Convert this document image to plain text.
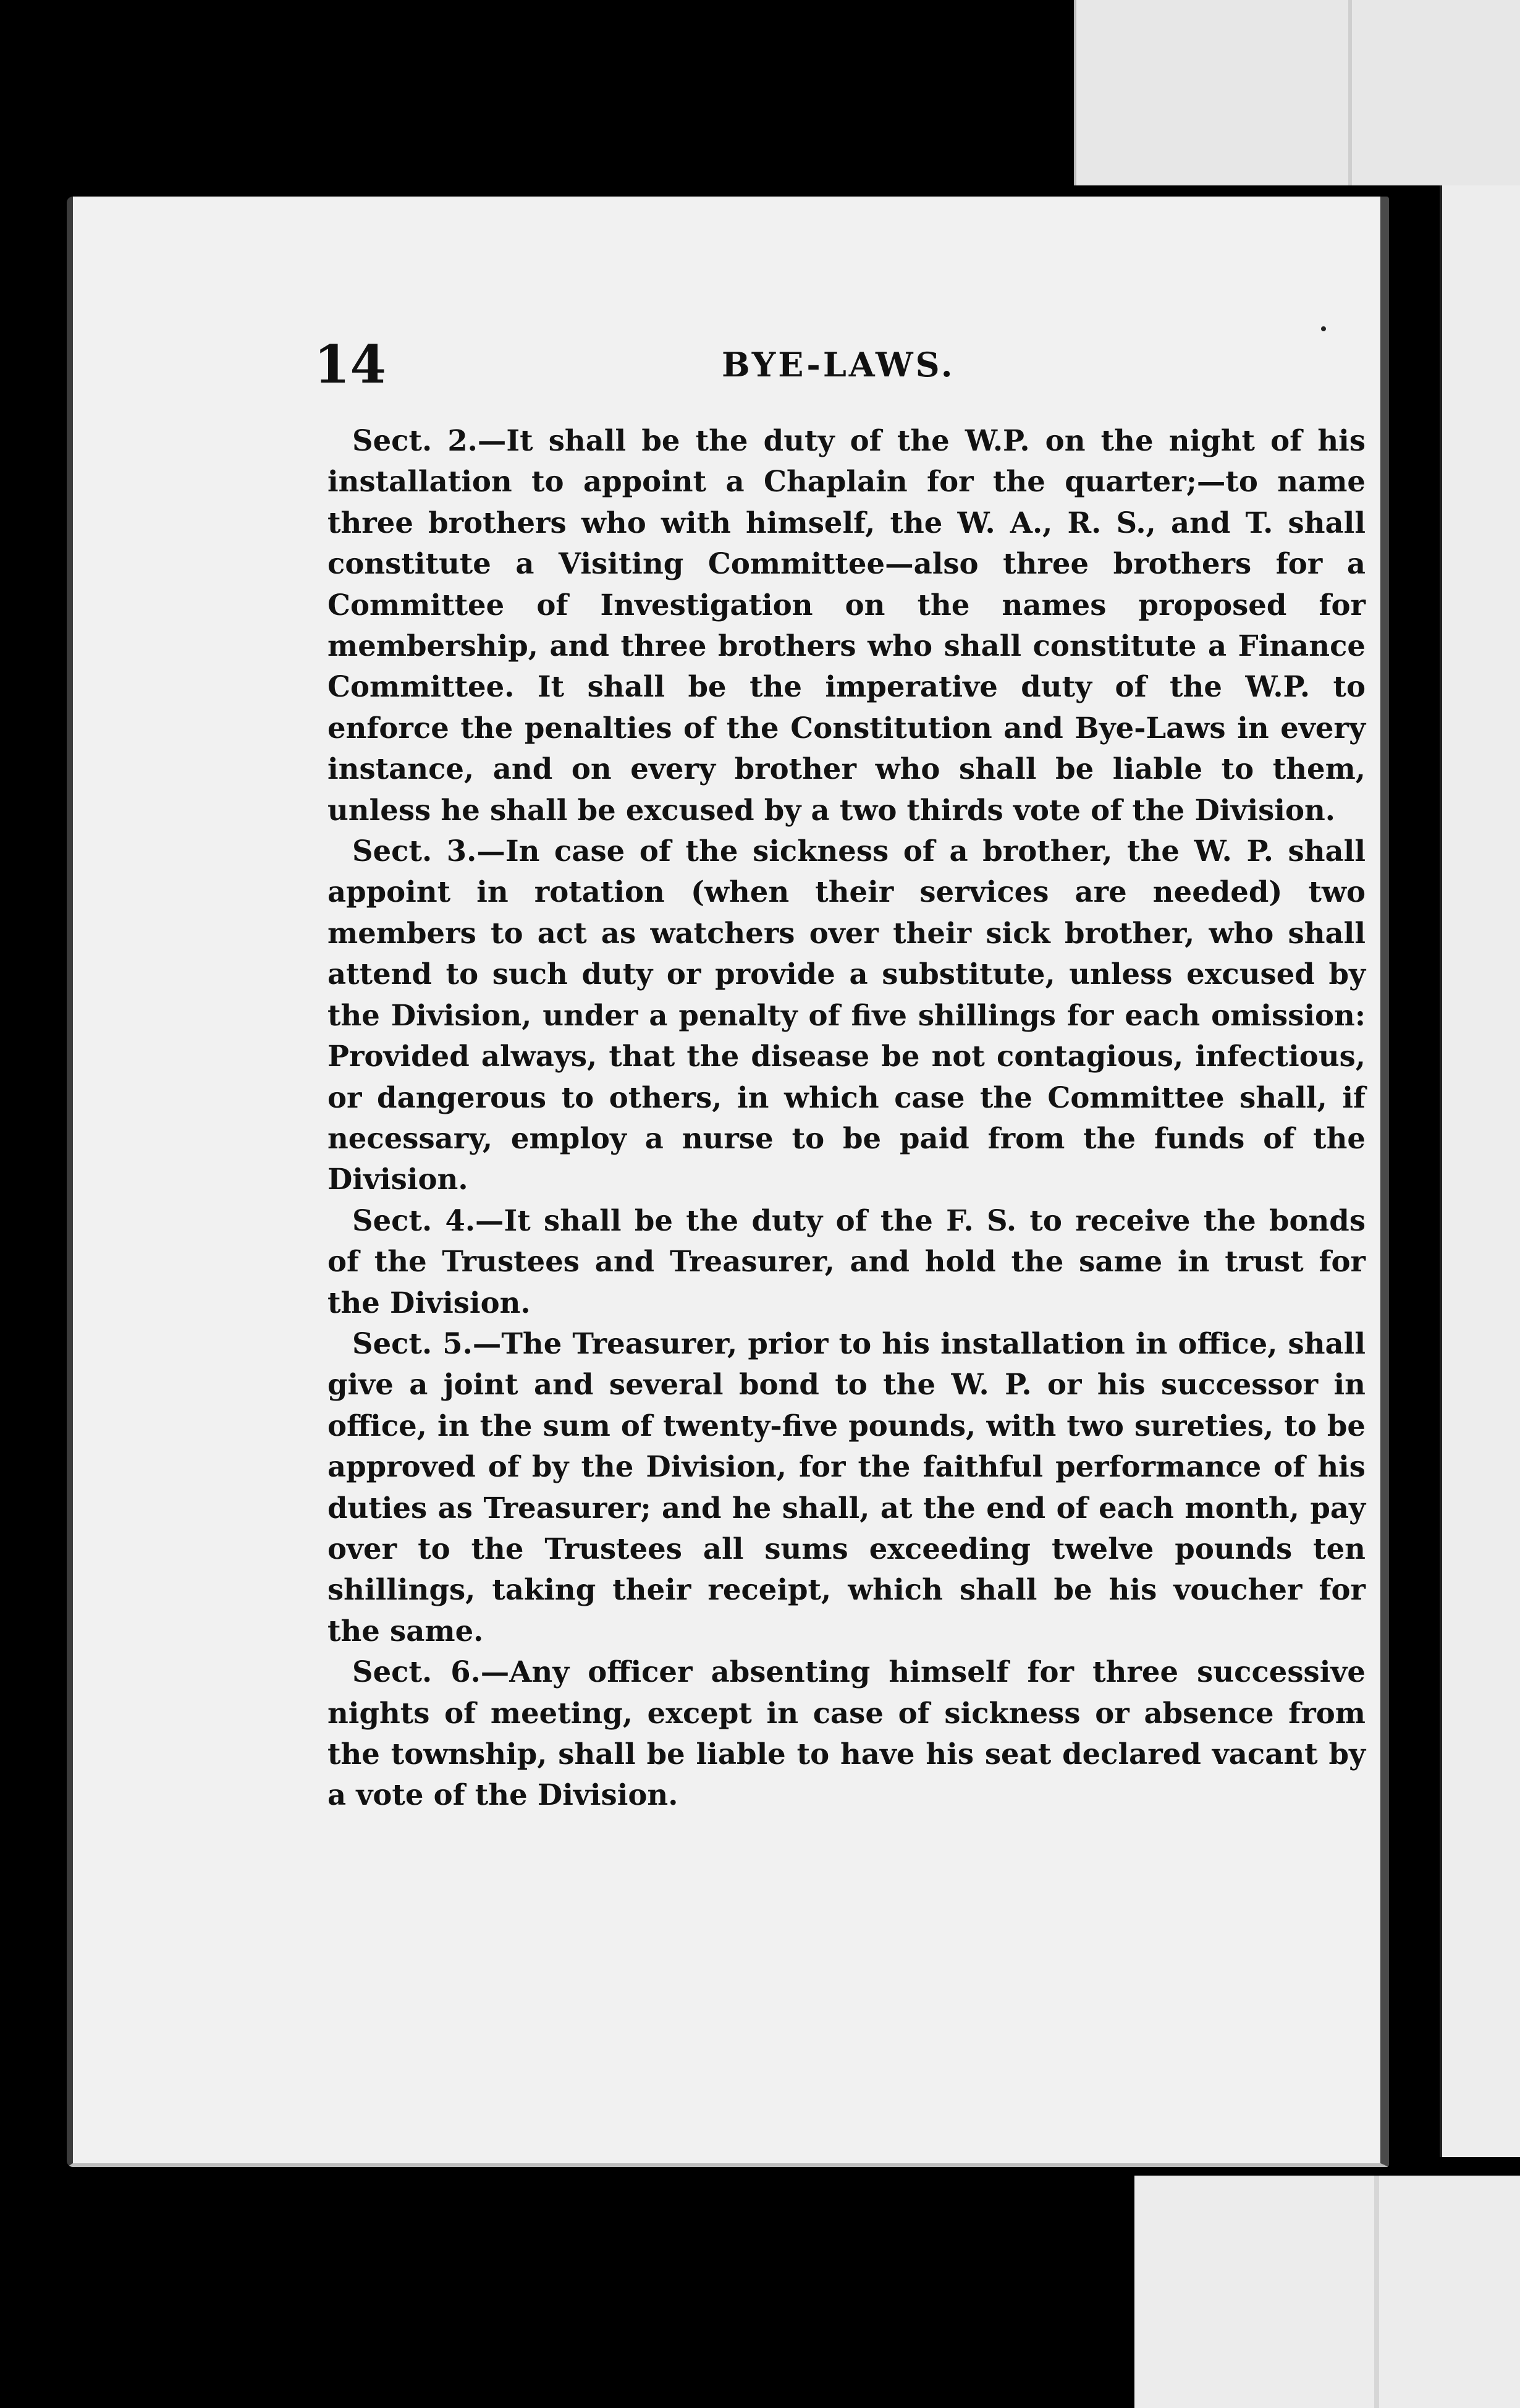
14	BYE-LAWS.

Sect. 2.—It shall be the duty of the W.P. on the night of his installation to appoint a Chaplain for the quarter;—to name three brothers who with himself, the W. A., R. S., and T. shall constitute a Visiting Committee—also three brothers for a Committee of Investigation on the names proposed for membership, and three brothers who shall constitute a Finance Committee. It shall be the imperative duty of the W.P. to enforce the penalties of the Constitution and Bye-Laws in every instance, and on every brother who shall be liable to them, unless he shall be excused by a two thirds vote of the Division.

Sect. 3.—In case of the sickness of a brother, the W. P. shall appoint in rotation (when their services are needed) two members to act as watchers over their sick brother, who shall attend to such duty or provide a substitute, unless excused by the Division, under a penalty of five shillings for each omission: Provided always, that the disease be not contagious, infectious, or dangerous to others, in which case the Committee shall, if necessary, employ a nurse to be paid from the funds of the Division.

Sect. 4.—It shall be the duty of the F. S. to receive the bonds of the Trustees and Treasurer, and hold the same in trust for the Division.

Sect. 5.—The Treasurer, prior to his installation in office, shall give a joint and several bond to the W. P. or his successor in office, in the sum of twenty-five pounds, with two sureties, to be approved of by the Division, for the faithful performance of his duties as Treasurer; and he shall, at the end of each month, pay over to the Trustees all sums exceeding twelve pounds ten shillings, taking their receipt, which shall be his voucher for the same.

Sect. 6.—Any officer absenting himself for three successive nights of meeting, except in case of sickness or absence from the township, shall be liable to have his seat declared vacant by a vote of the Division.
